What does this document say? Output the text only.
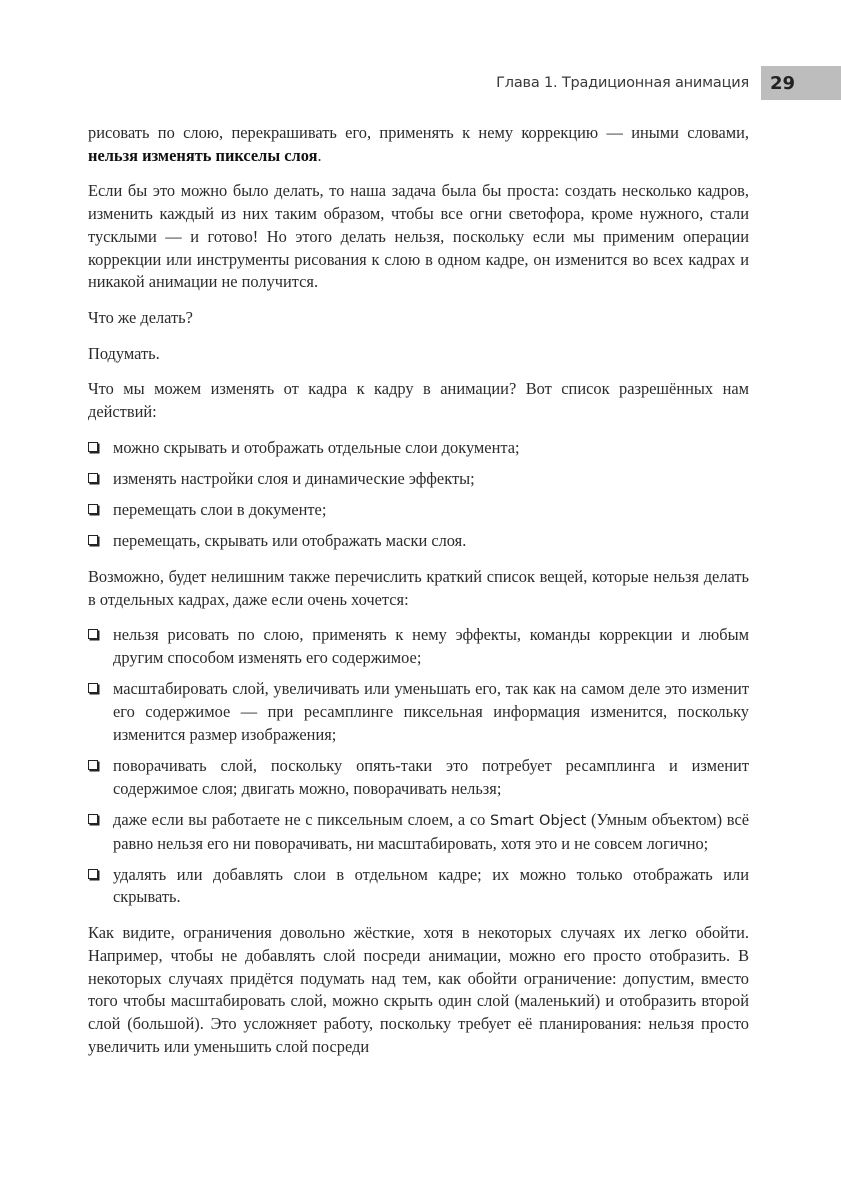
Глава 1. Традиционная анимация	29

рисовать по слою, перекрашивать его, применять к нему коррекцию — иными словами, нельзя изменять пикселы слоя.

Если бы это можно было делать, то наша задача была бы проста: создать несколько кадров, изменить каждый из них таким образом, чтобы все огни светофора, кроме нужного, стали тусклыми — и готово! Но этого делать нельзя, поскольку если мы применим операции коррекции или инструменты рисования к слою в одном кадре, он изменится во всех кадрах и никакой анимации не получится.

Что же делать?

Подумать.

Что мы можем изменять от кадра к кадру в анимации? Вот список разрешённых нам действий:

можно скрывать и отображать отдельные слои документа;
изменять настройки слоя и динамические эффекты;
перемещать слои в документе;
перемещать, скрывать или отображать маски слоя.

Возможно, будет нелишним также перечислить краткий список вещей, которые нельзя делать в отдельных кадрах, даже если очень хочется:

нельзя рисовать по слою, применять к нему эффекты, команды коррекции и любым другим способом изменять его содержимое;
масштабировать слой, увеличивать или уменьшать его, так как на самом деле это изменит его содержимое — при ресамплинге пиксельная информация изменится, поскольку изменится размер изображения;
поворачивать слой, поскольку опять-таки это потребует ресамплинга и изменит содержимое слоя; двигать можно, поворачивать нельзя;
даже если вы работаете не с пиксельным слоем, а со Smart Object (Умным объектом) всё равно нельзя его ни поворачивать, ни масштабировать, хотя это и не совсем логично;
удалять или добавлять слои в отдельном кадре; их можно только отображать или скрывать.

Как видите, ограничения довольно жёсткие, хотя в некоторых случаях их легко обойти. Например, чтобы не добавлять слой посреди анимации, можно его просто отобразить. В некоторых случаях придётся подумать над тем, как обойти ограничение: допустим, вместо того чтобы масштабировать слой, можно скрыть один слой (маленький) и отобразить второй слой (большой). Это усложняет работу, поскольку требует её планирования: нельзя просто увеличить или уменьшить слой посреди
